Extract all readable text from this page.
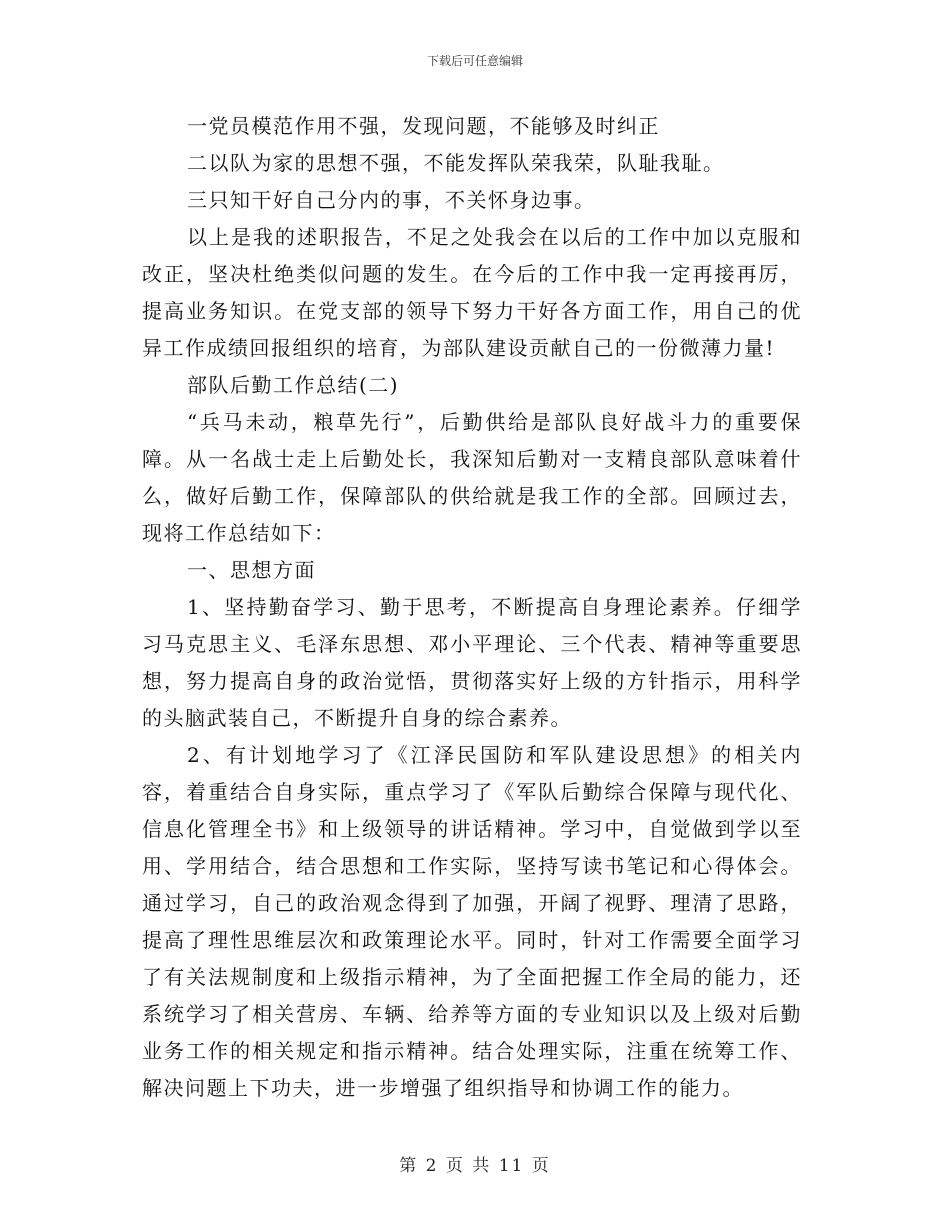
下载后可任意编辑

一党员模范作用不强，发现问题，不能够及时纠正

二以队为家的思想不强，不能发挥队荣我荣，队耻我耻。

三只知干好自己分内的事，不关怀身边事。

以上是我的述职报告，不足之处我会在以后的工作中加以克服和改正，坚决杜绝类似问题的发生。在今后的工作中我一定再接再厉，提高业务知识。在党支部的领导下努力干好各方面工作，用自己的优异工作成绩回报组织的培育，为部队建设贡献自己的一份微薄力量!

部队后勤工作总结(二)

“兵马未动，粮草先行”，后勤供给是部队良好战斗力的重要保障。从一名战士走上后勤处长，我深知后勤对一支精良部队意味着什么，做好后勤工作，保障部队的供给就是我工作的全部。回顾过去，现将工作总结如下：

一、思想方面

1、坚持勤奋学习、勤于思考，不断提高自身理论素养。仔细学习马克思主义、毛泽东思想、邓小平理论、三个代表、精神等重要思想，努力提高自身的政治觉悟，贯彻落实好上级的方针指示，用科学的头脑武装自己，不断提升自身的综合素养。

2、有计划地学习了《江泽民国防和军队建设思想》的相关内容，着重结合自身实际，重点学习了《军队后勤综合保障与现代化、信息化管理全书》和上级领导的讲话精神。学习中，自觉做到学以至用、学用结合，结合思想和工作实际，坚持写读书笔记和心得体会。通过学习，自己的政治观念得到了加强，开阔了视野、理清了思路，提高了理性思维层次和政策理论水平。同时，针对工作需要全面学习了有关法规制度和上级指示精神，为了全面把握工作全局的能力，还系统学习了相关营房、车辆、给养等方面的专业知识以及上级对后勤业务工作的相关规定和指示精神。结合处理实际，注重在统筹工作、解决问题上下功夫，进一步增强了组织指导和协调工作的能力。

第 2 页 共 11 页
